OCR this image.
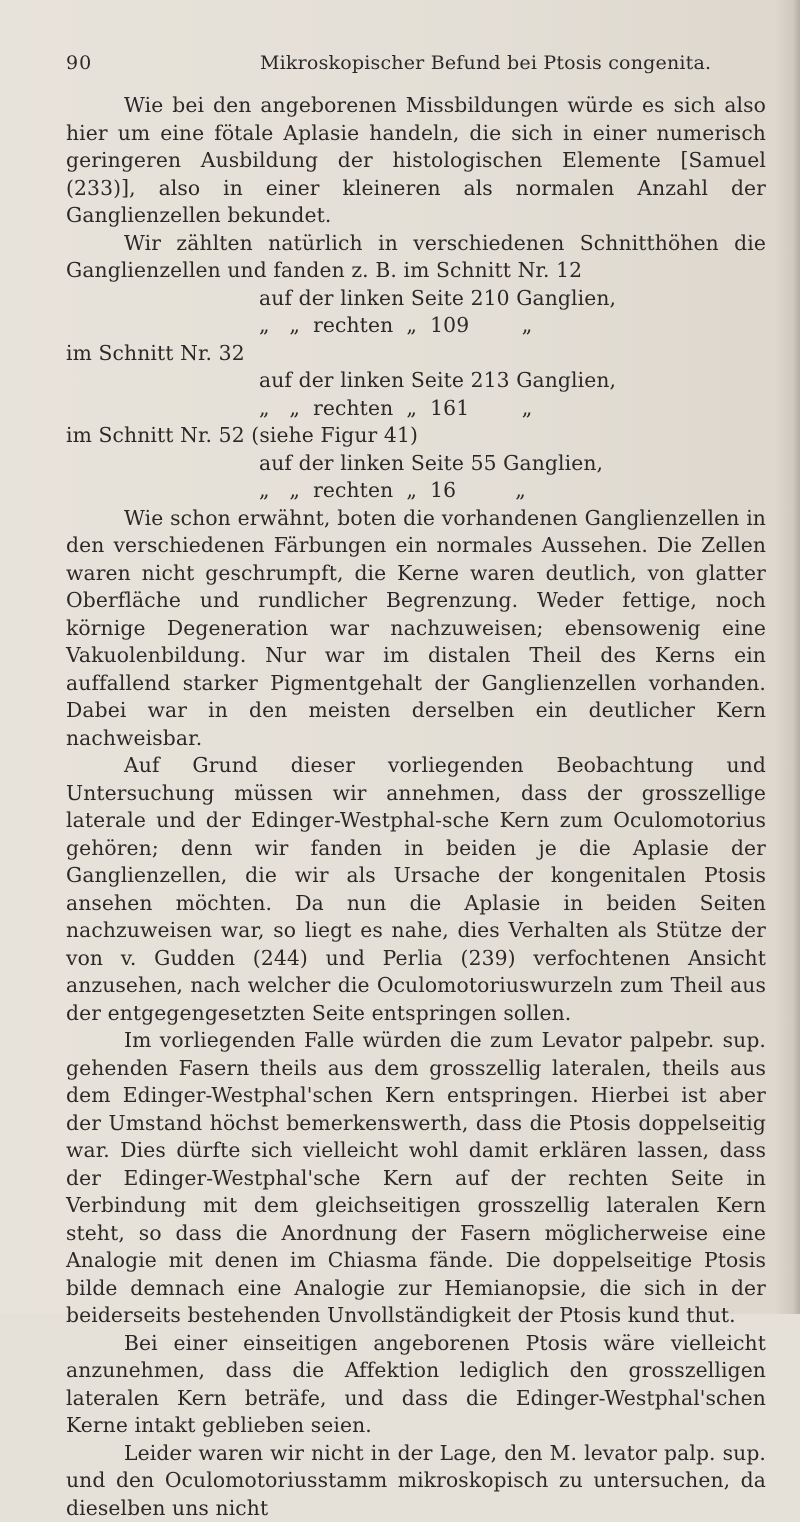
90	Mikroskopischer Befund bei Ptosis congenita.

Wie bei den angeborenen Missbildungen würde es sich also hier um eine fötale Aplasie handeln, die sich in einer numerisch geringeren Ausbildung der histologischen Elemente [Samuel (233)], also in einer kleineren als normalen Anzahl der Ganglienzellen bekundet.

Wir zählten natürlich in verschiedenen Schnitthöhen die Ganglienzellen und fanden z. B. im Schnitt Nr. 12

auf der linken Seite 210 Ganglien,

„   „  rechten  „  109        „

im Schnitt Nr. 32

auf der linken Seite 213 Ganglien,

„   „  rechten  „  161        „

im Schnitt Nr. 52 (siehe Figur 41)

auf der linken Seite 55 Ganglien,

„   „  rechten  „  16         „

Wie schon erwähnt, boten die vorhandenen Ganglienzellen in den verschiedenen Färbungen ein normales Aussehen. Die Zellen waren nicht geschrumpft, die Kerne waren deutlich, von glatter Oberfläche und rundlicher Begrenzung. Weder fettige, noch körnige Degeneration war nachzuweisen; ebensowenig eine Vakuolenbildung. Nur war im distalen Theil des Kerns ein auffallend starker Pigmentgehalt der Ganglienzellen vorhanden. Dabei war in den meisten derselben ein deutlicher Kern nachweisbar.

Auf Grund dieser vorliegenden Beobachtung und Untersuchung müssen wir annehmen, dass der grosszellige laterale und der Edinger-Westphal-sche Kern zum Oculomotorius gehören; denn wir fanden in beiden je die Aplasie der Ganglienzellen, die wir als Ursache der kongenitalen Ptosis ansehen möchten. Da nun die Aplasie in beiden Seiten nachzuweisen war, so liegt es nahe, dies Verhalten als Stütze der von v. Gudden (244) und Perlia (239) verfochtenen Ansicht anzusehen, nach welcher die Oculomotoriuswurzeln zum Theil aus der entgegengesetzten Seite entspringen sollen.

Im vorliegenden Falle würden die zum Levator palpebr. sup. gehenden Fasern theils aus dem grosszellig lateralen, theils aus dem Edinger-Westphal'schen Kern entspringen. Hierbei ist aber der Umstand höchst bemerkenswerth, dass die Ptosis doppelseitig war. Dies dürfte sich vielleicht wohl damit erklären lassen, dass der Edinger-Westphal'sche Kern auf der rechten Seite in Verbindung mit dem gleichseitigen grosszellig lateralen Kern steht, so dass die Anordnung der Fasern möglicherweise eine Analogie mit denen im Chiasma fände. Die doppelseitige Ptosis bilde demnach eine Analogie zur Hemianopsie, die sich in der beiderseits bestehenden Unvollständigkeit der Ptosis kund thut.

Bei einer einseitigen angeborenen Ptosis wäre vielleicht anzunehmen, dass die Affektion lediglich den grosszelligen lateralen Kern beträfe, und dass die Edinger-Westphal'schen Kerne intakt geblieben seien.

Leider waren wir nicht in der Lage, den M. levator palp. sup. und den Oculomotoriusstamm mikroskopisch zu untersuchen, da dieselben uns nicht
